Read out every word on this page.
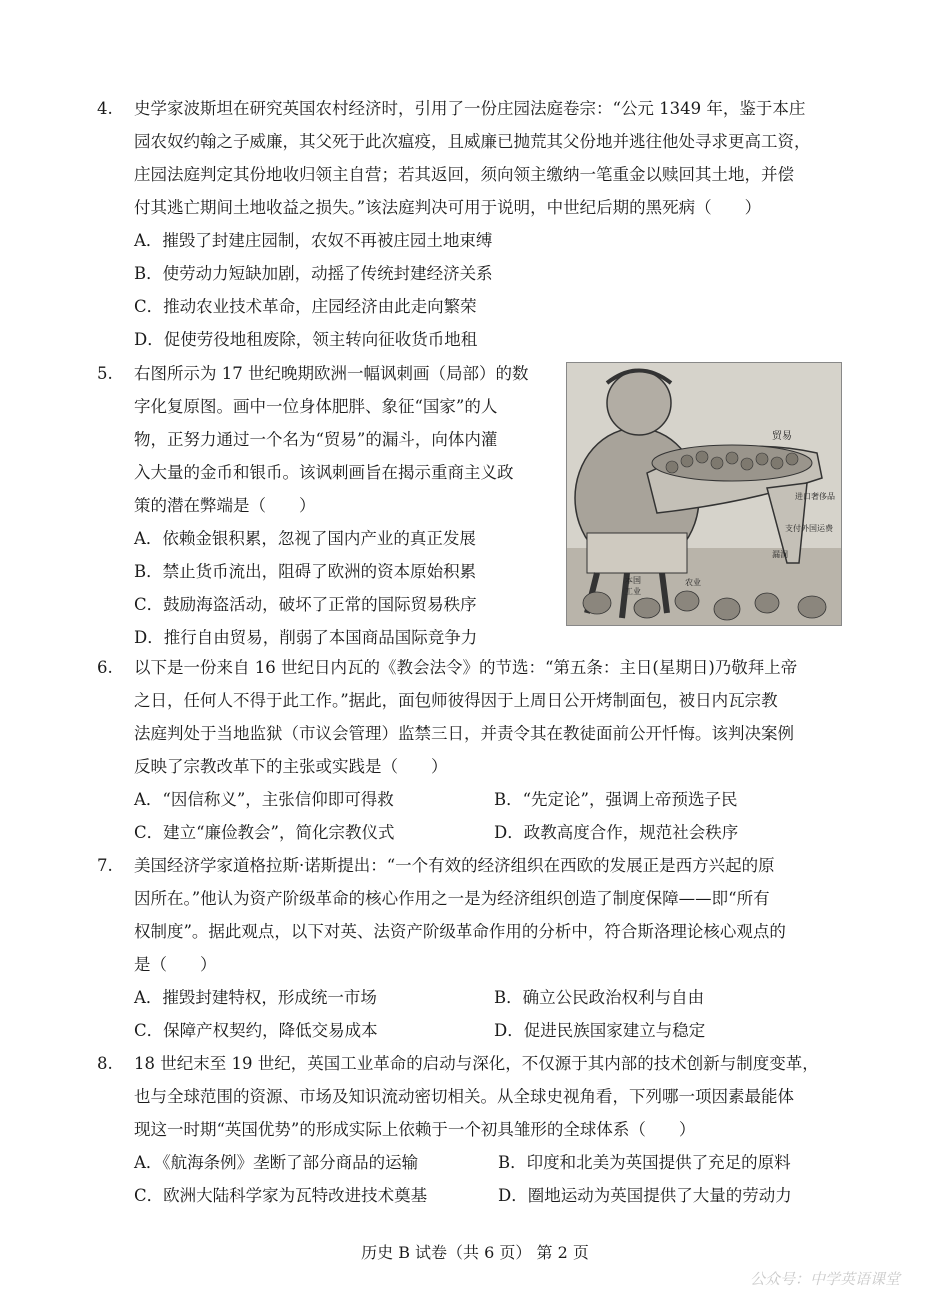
4. 史学家波斯坦在研究英国农村经济时，引用了一份庄园法庭卷宗：“公元 1349 年，鉴于本庄
园农奴约翰之子威廉，其父死于此次瘟疫，且威廉已抛荒其父份地并逃往他处寻求更高工资，
庄园法庭判定其份地收归领主自营；若其返回，须向领主缴纳一笔重金以赎回其土地，并偿
付其逃亡期间土地收益之损失。”该法庭判决可用于说明，中世纪后期的黑死病（　　）
A．摧毁了封建庄园制，农奴不再被庄园土地束缚
B．使劳动力短缺加剧，动摇了传统封建经济关系
C．推动农业技术革命，庄园经济由此走向繁荣
D．促使劳役地租废除，领主转向征收货币地租
5. 右图所示为 17 世纪晚期欧洲一幅讽刺画（局部）的数
字化复原图。画中一位身体肥胖、象征“国家”的人
物，正努力通过一个名为“贸易”的漏斗，向体内灌
入大量的金币和银币。该讽刺画旨在揭示重商主义政
策的潜在弊端是（　　）
A．依赖金银积累，忽视了国内产业的真正发展
B．禁止货币流出，阻碍了欧洲的资本原始积累
C．鼓励海盗活动，破坏了正常的国际贸易秩序
D．推行自由贸易，削弱了本国商品国际竞争力
贸易
进口奢侈品
支付外国运费
漏洞
本国
工业
农业
6. 以下是一份来自 16 世纪日内瓦的《教会法令》的节选：“第五条：主日(星期日)乃敬拜上帝
之日，任何人不得于此工作。”据此，面包师彼得因于上周日公开烤制面包，被日内瓦宗教
法庭判处于当地监狱（市议会管理）监禁三日，并责令其在教徒面前公开忏悔。该判决案例
反映了宗教改革下的主张或实践是（　　）
A．“因信称义”，主张信仰即可得救	B．“先定论”，强调上帝预选子民
C．建立“廉俭教会”，简化宗教仪式	D．政教高度合作，规范社会秩序
7. 美国经济学家道格拉斯·诺斯提出：“一个有效的经济组织在西欧的发展正是西方兴起的原
因所在。”他认为资产阶级革命的核心作用之一是为经济组织创造了制度保障——即“所有
权制度”。据此观点，以下对英、法资产阶级革命作用的分析中，符合斯洛理论核心观点的
是（　　）
A．摧毁封建特权，形成统一市场	B．确立公民政治权利与自由
C．保障产权契约，降低交易成本	D．促进民族国家建立与稳定
8. 18 世纪末至 19 世纪，英国工业革命的启动与深化，不仅源于其内部的技术创新与制度变革，
也与全球范围的资源、市场及知识流动密切相关。从全球史视角看，下列哪一项因素最能体
现这一时期“英国优势”的形成实际上依赖于一个初具雏形的全球体系（　　）
A．《航海条例》垄断了部分商品的运输	B．印度和北美为英国提供了充足的原料
C．欧洲大陆科学家为瓦特改进技术奠基	D．圈地运动为英国提供了大量的劳动力
历史 B 试卷（共 6 页） 第 2 页
公众号：中学英语课堂
